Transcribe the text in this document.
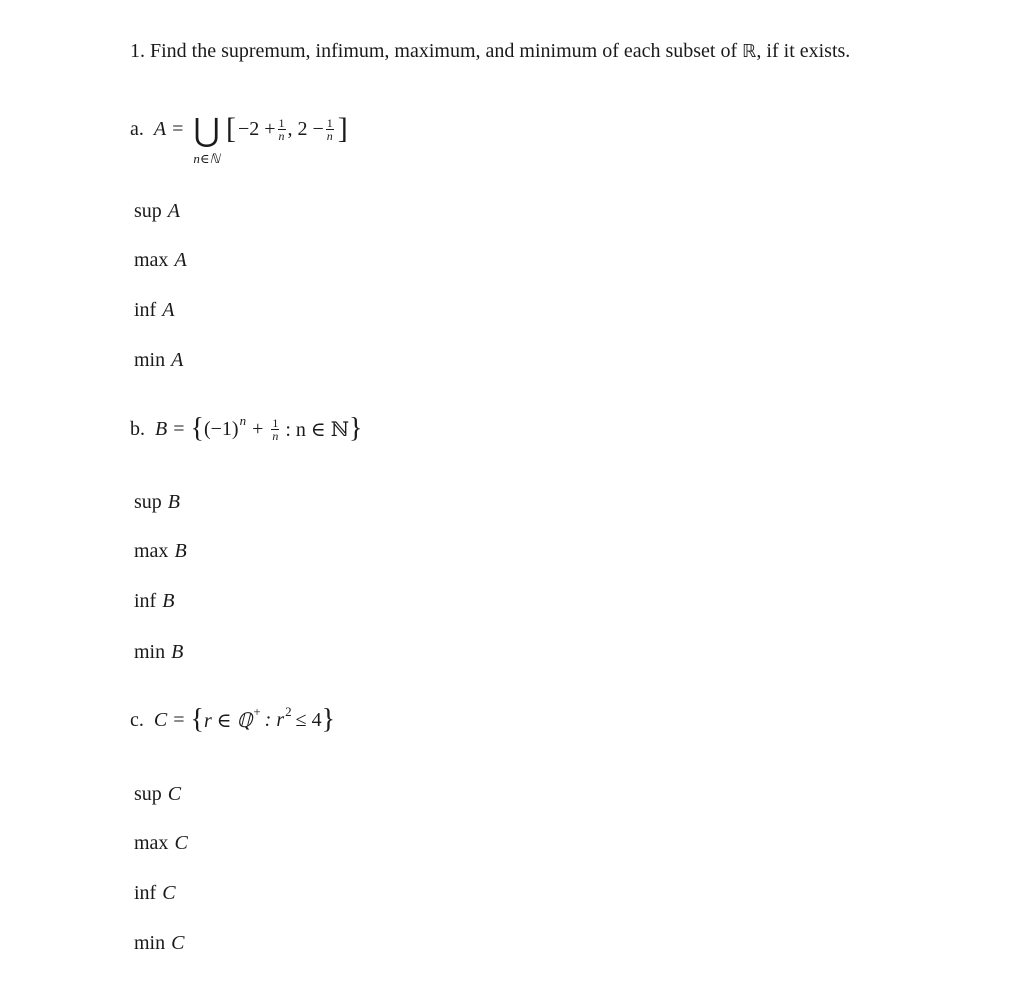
1. Find the supremum, infimum, maximum, and minimum of each subset of ℝ, if it exists.
a. A = ⋃
n∈ℕ
[ $-2 + \frac{1}{n}$ , $2 - \frac{1}{n}$ ]
sup A
max A
inf A
min A
b. B = { (−1) $n + \frac{1}{n}$ : n ∈ ℕ }
sup B
max B
inf B
min B
c. C = { r ∈ ℚ + : r 2 ≤ 4 }
sup C
max C
inf C
min C
